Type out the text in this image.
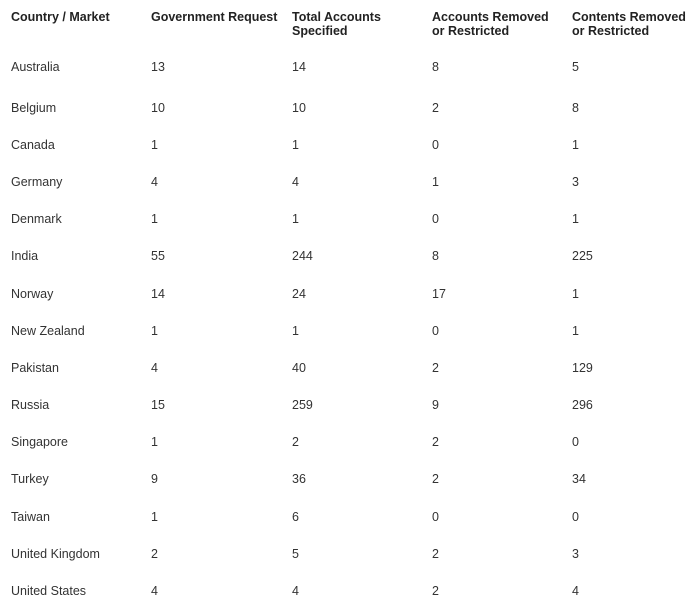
Country / Market	Government Request	Total Accounts Specified	Accounts Removed or Restricted	Contents Removed or Restricted
Australia	13	14	8	5
Belgium	10	10	2	8
Canada	1	1	0	1
Germany	4	4	1	3
Denmark	1	1	0	1
India	55	244	8	225
Norway	14	24	17	1
New Zealand	1	1	0	1
Pakistan	4	40	2	129
Russia	15	259	9	296
Singapore	1	2	2	0
Turkey	9	36	2	34
Taiwan	1	6	0	0
United Kingdom	2	5	2	3
United States	4	4	2	4
